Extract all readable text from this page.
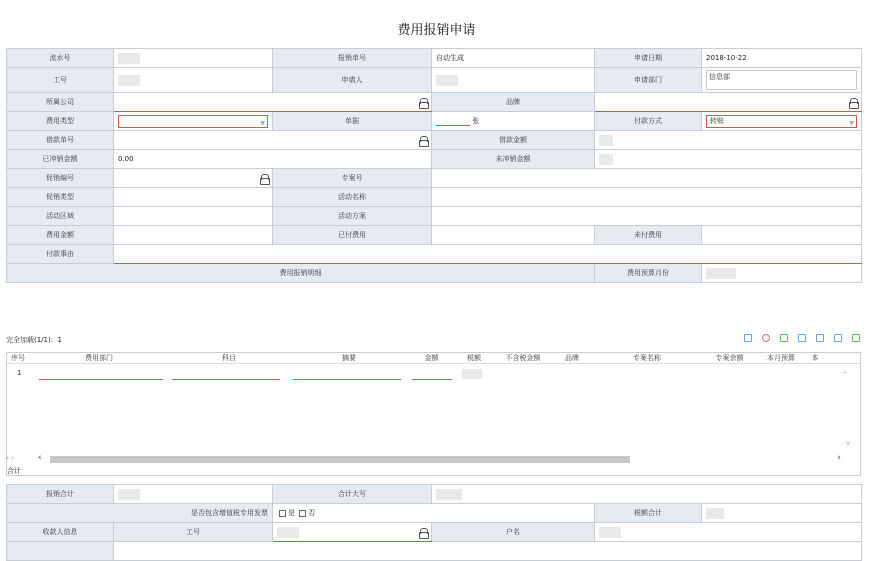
费用报销申请
流水号		报销单号	自动生成	申请日期	2018-10-22
工号		申请人		申请部门	信息部

所属公司			品牌		

费用类型	▼	单据	张	付款方式	转账 ▼

借款单号			借款金额		
已冲销金额	0.00		未冲销金额		
促销编号		专案号			
促销类型		活动名称			
活动区域		活动方案			
费用金额		已付费用		未付费用	
付款事由					
费用报销明细				费用预算月份	
完全加载(1/1): 1
序号	费用部门	科目	摘要	金额	税额	不含税金额	品牌	专案名称	专案余额	本月预算	本
1	^
v
‹ ›	‹	›
合计
报销合计		合计大写			
是否包含增值税专用发票		是 否		税额合计	
收款人信息	工号		户名		
